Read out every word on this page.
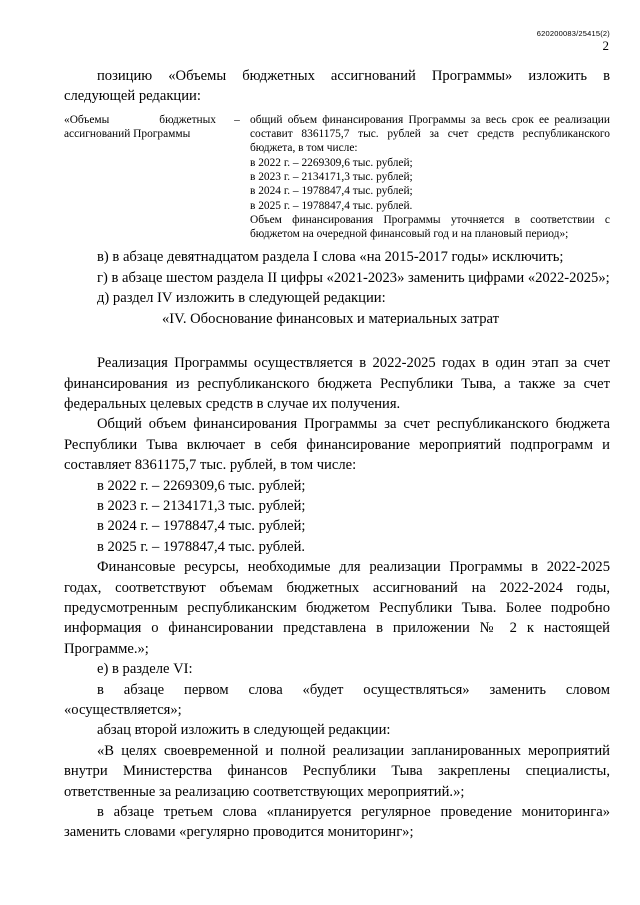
620200083/25415(2)
2

позицию «Объемы бюджетных ассигнований Программы» изложить в следующей редакции:

«Объемы бюджетных ассигнований Программы
– общий объем финансирования Программы за весь срок ее реализации составит 8361175,7 тыс. рублей за счет средств республиканского бюджета, в том числе:
в 2022 г. – 2269309,6 тыс. рублей;
в 2023 г. – 2134171,3 тыс. рублей;
в 2024 г. – 1978847,4 тыс. рублей;
в 2025 г. – 1978847,4 тыс. рублей.
Объем финансирования Программы уточняется в соответствии с бюджетом на очередной финансовый год и на плановый период»;

в) в абзаце девятнадцатом раздела I слова «на 2015-2017 годы» исключить;

г) в абзаце шестом раздела II цифры «2021-2023» заменить цифрами «2022-2025»;

д) раздел IV изложить в следующей редакции:

«IV. Обоснование финансовых и материальных затрат

Реализация Программы осуществляется в 2022-2025 годах в один этап за счет финансирования из республиканского бюджета Республики Тыва, а также за счет федеральных целевых средств в случае их получения.

Общий объем финансирования Программы за счет республиканского бюджета Республики Тыва включает в себя финансирование мероприятий подпрограмм и составляет 8361175,7 тыс. рублей, в том числе:

в 2022 г. – 2269309,6 тыс. рублей;

в 2023 г. – 2134171,3 тыс. рублей;

в 2024 г. – 1978847,4 тыс. рублей;

в 2025 г. – 1978847,4 тыс. рублей.

Финансовые ресурсы, необходимые для реализации Программы в 2022-2025 годах, соответствуют объемам бюджетных ассигнований на 2022-2024 годы, предусмотренным республиканским бюджетом Республики Тыва. Более подробно информация о финансировании представлена в приложении № 2 к настоящей Программе.»;

е) в разделе VI:

в абзаце первом слова «будет осуществляться» заменить словом «осуществляется»;

абзац второй изложить в следующей редакции:

«В целях своевременной и полной реализации запланированных мероприятий внутри Министерства финансов Республики Тыва закреплены специалисты, ответственные за реализацию соответствующих мероприятий.»;

в абзаце третьем слова «планируется регулярное проведение мониторинга» заменить словами «регулярно проводится мониторинг»;
